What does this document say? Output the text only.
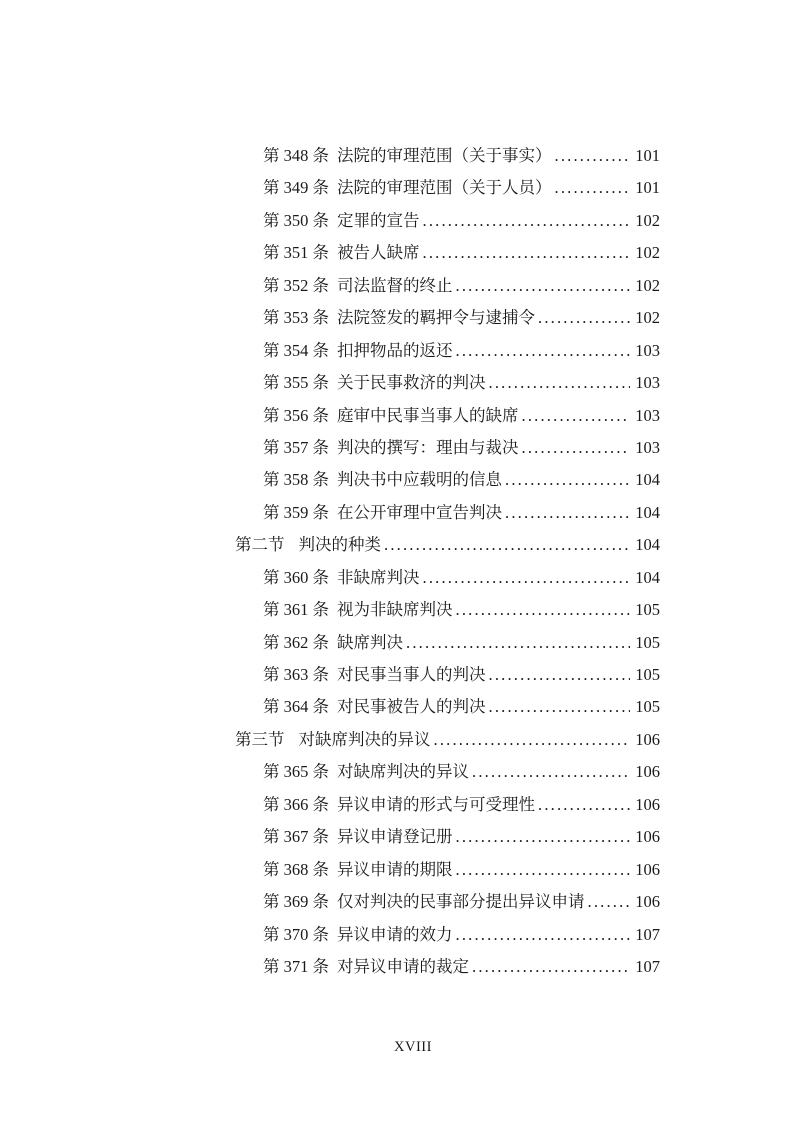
第 348 条 法院的审理范围（关于事实） .....	101
第 349 条 法院的审理范围（关于人员） .....	101
第 350 条 定罪的宣告 .....	102
第 351 条 被告人缺席 .....	102
第 352 条 司法监督的终止 .....	102
第 353 条 法院签发的羁押令与逮捕令 .....	102
第 354 条 扣押物品的返还 .....	103
第 355 条 关于民事救济的判决 .....	103
第 356 条 庭审中民事当事人的缺席 .....	103
第 357 条 判决的撰写：理由与裁决 .....	103
第 358 条 判决书中应载明的信息 .....	104
第 359 条 在公开审理中宣告判决 .....	104
第二节 判决的种类 .....	104
第 360 条 非缺席判决 .....	104
第 361 条 视为非缺席判决 .....	105
第 362 条 缺席判决 .....	105
第 363 条 对民事当事人的判决 .....	105
第 364 条 对民事被告人的判决 .....	105
第三节 对缺席判决的异议 .....	106
第 365 条 对缺席判决的异议 .....	106
第 366 条 异议申请的形式与可受理性 .....	106
第 367 条 异议申请登记册 .....	106
第 368 条 异议申请的期限 .....	106
第 369 条 仅对判决的民事部分提出异议申请 .....	106
第 370 条 异议申请的效力 .....	107
第 371 条 对异议申请的裁定 .....	107
XVIII
